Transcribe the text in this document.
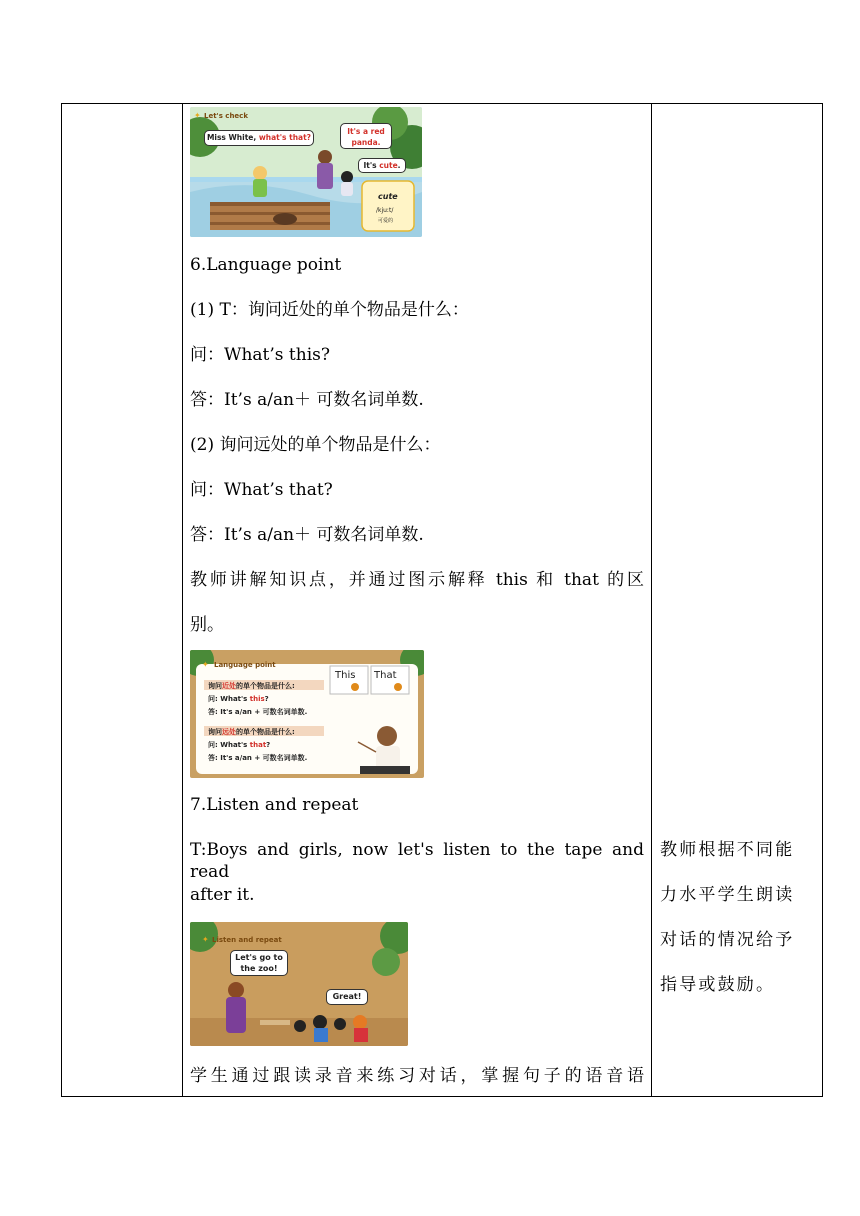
✦ Let's check
Miss White, what's that?
It's a red panda.
It's cute.
cute
/kjuːt/
可爱的
6.Language point
(1) T：询问近处的单个物品是什么：
问：What’s this?
答：It’s a/an＋ 可数名词单数.
(2) 询问远处的单个物品是什么：
问：What’s that?
答：It’s a/an＋ 可数名词单数.
教师讲解知识点，并通过图示解释 this 和 that 的区
别。
✦ Language point
This That
询问近处的单个物品是什么:
问: What's this?
答: It's a/an + 可数名词单数.
询问远处的单个物品是什么:
问: What's that?
答: It's a/an + 可数名词单数.
7.Listen and repeat
T:Boys and girls, now let's listen to the tape and read
after it.
✦ Listen and repeat
Let's go to the zoo!
Great!
学生通过跟读录音来练习对话，掌握句子的语音语
教师根据不同能
力水平学生朗读
对话的情况给予
指导或鼓励。
